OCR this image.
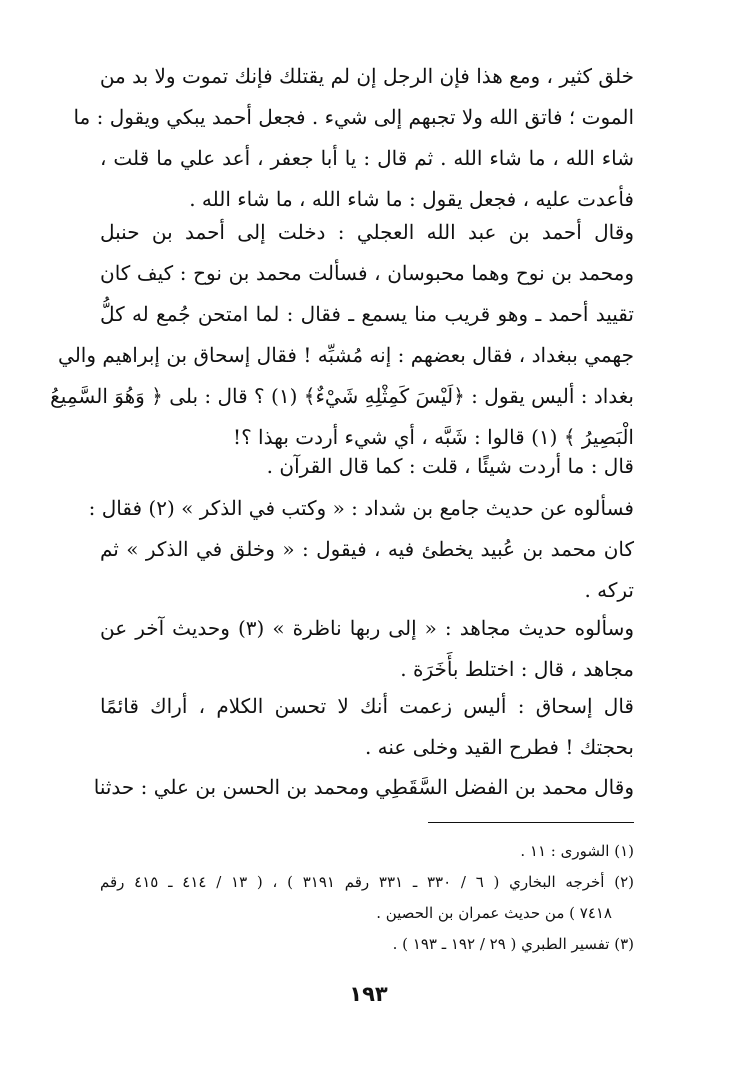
خلق كثير ، ومع هذا فإن الرجل إن لم يقتلك فإنك تموت ولا بد من
الموت ؛ فاتق الله ولا تجبهم إلى شيء . فجعل أحمد يبكي ويقول : ما
شاء الله ، ما شاء الله . ثم قال : يا أبا جعفر ، أعد علي ما قلت ،
فأعدت عليه ، فجعل يقول : ما شاء الله ، ما شاء الله .
وقال أحمد بن عبد الله العجلي : دخلت إلى أحمد بن حنبل
ومحمد بن نوح وهما محبوسان ، فسألت محمد بن نوح : كيف كان
تقييد أحمد ـ وهو قريب منا يسمع ـ فقال : لما امتحن جُمع له كلُّ
جهمي ببغداد ، فقال بعضهم : إنه مُشبِّه ! فقال إسحاق بن إبراهيم والي
بغداد : أليس يقول : ﴿لَيْسَ كَمِثْلِهِ شَيْءٌ﴾ (١) ؟ قال : بلى ﴿ وَهُوَ السَّمِيعُ
الْبَصِيرُ ﴾ (١) قالوا : شَبَّه ، أي شيء أردت بهذا ؟!
قال : ما أردت شيئًا ، قلت : كما قال القرآن .
فسألوه عن حديث جامع بن شداد : « وكتب في الذكر » (٢) فقال :
كان محمد بن عُبيد يخطئ فيه ، فيقول : « وخلق في الذكر » ثم
تركه .
وسألوه حديث مجاهد : « إلى ربها ناظرة » (٣) وحديث آخر عن
مجاهد ، قال : اختلط بأَخَرَة .
قال إسحاق : أليس زعمت أنك لا تحسن الكلام ، أراك قائمًا
بحجتك ! فطرح القيد وخلى عنه .
وقال محمد بن الفضل السَّقَطِي ومحمد بن الحسن بن علي : حدثنا
(١) الشورى : ١١ .
(٢) أخرجه البخاري ( ٦ / ٣٣٠ ـ ٣٣١ رقم ٣١٩١ ) ، ( ١٣ / ٤١٤ ـ ٤١٥ رقم
٧٤١٨ ) من حديث عمران بن الحصين .
(٣) تفسير الطبري ( ٢٩ / ١٩٢ ـ ١٩٣ ) .
١٩٣
